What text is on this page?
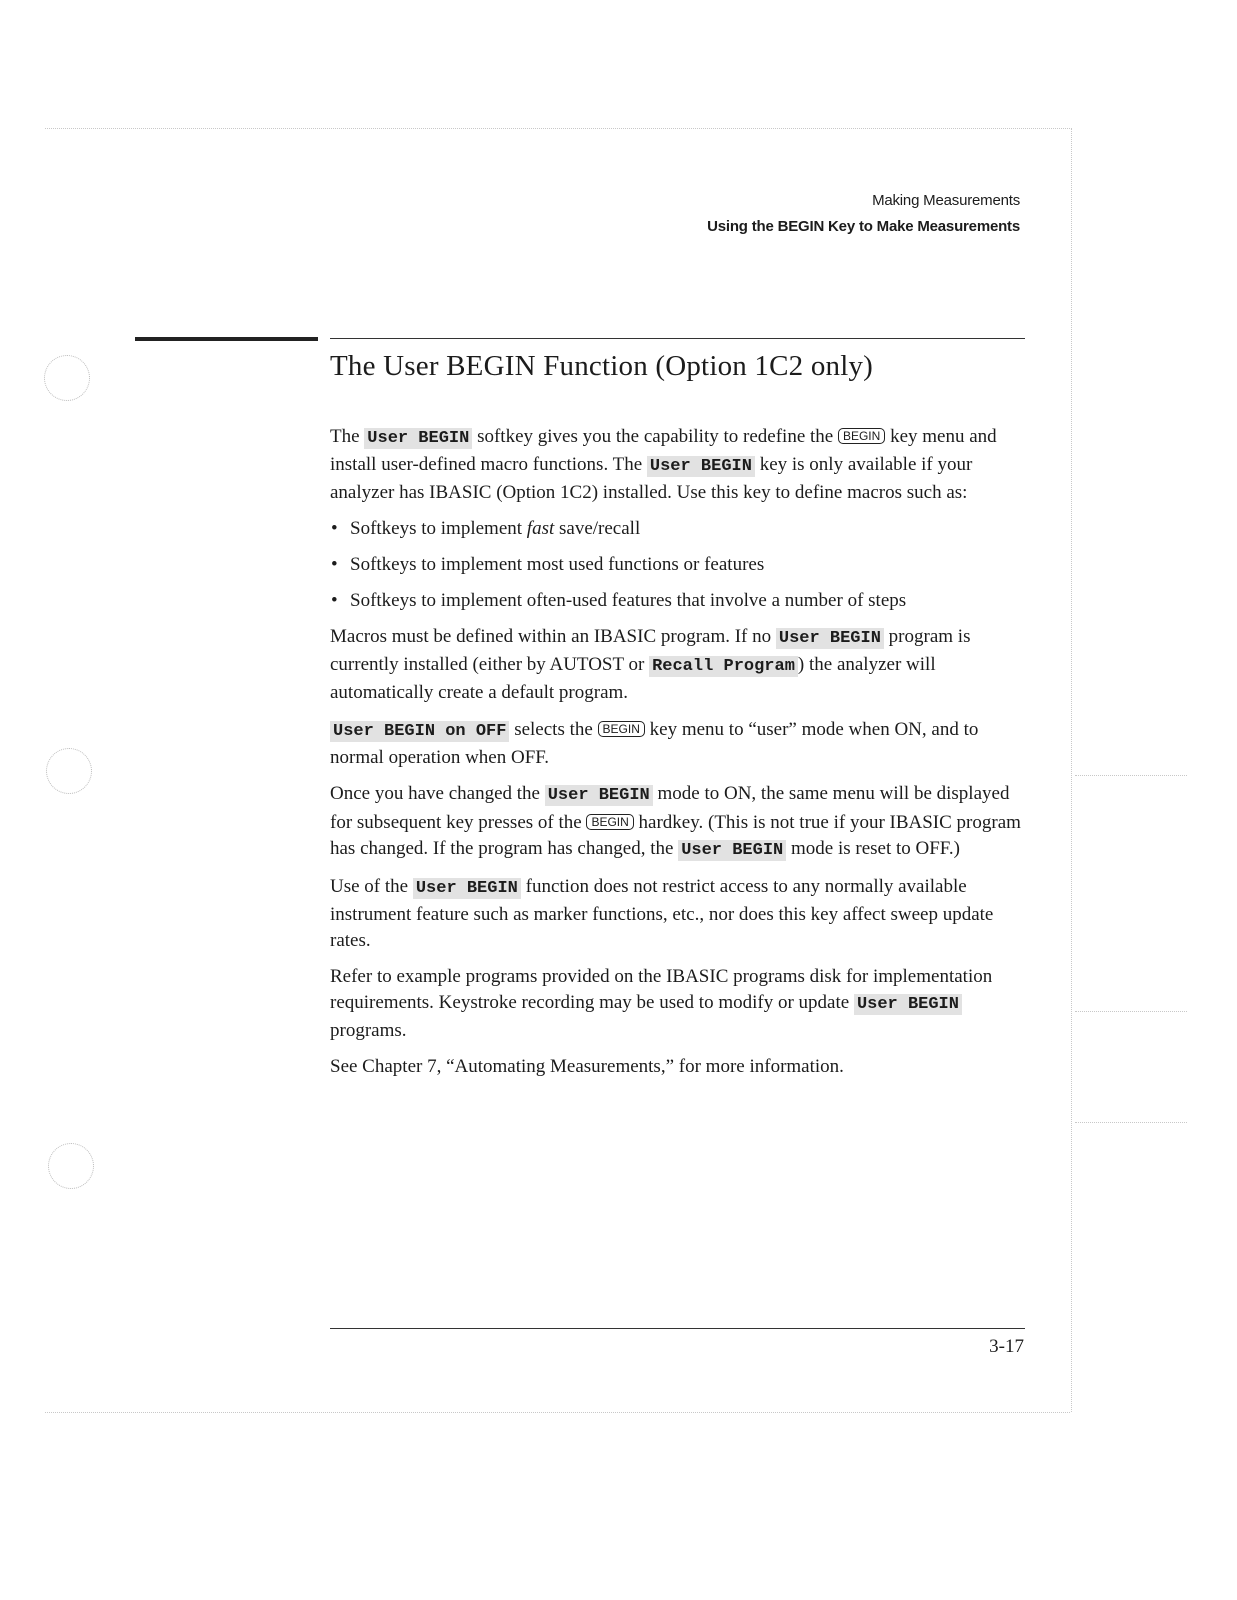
Making Measurements
Using the BEGIN Key to Make Measurements
The User BEGIN Function (Option 1C2 only)

The User BEGIN softkey gives you the capability to redefine the BEGIN key menu and install user-defined macro functions. The User BEGIN key is only available if your analyzer has IBASIC (Option 1C2) installed. Use this key to define macros such as:

• Softkeys to implement fast save/recall
• Softkeys to implement most used functions or features
• Softkeys to implement often-used features that involve a number of steps

Macros must be defined within an IBASIC program. If no User BEGIN program is currently installed (either by AUTOST or Recall Program ) the analyzer will automatically create a default program.

User BEGIN on OFF selects the BEGIN key menu to “user” mode when ON, and to normal operation when OFF.

Once you have changed the User BEGIN mode to ON, the same menu will be displayed for subsequent key presses of the BEGIN hardkey. (This is not true if your IBASIC program has changed. If the program has changed, the User BEGIN mode is reset to OFF.)

Use of the User BEGIN function does not restrict access to any normally available instrument feature such as marker functions, etc., nor does this key affect sweep update rates.

Refer to example programs provided on the IBASIC programs disk for implementation requirements. Keystroke recording may be used to modify or update User BEGIN programs.

See Chapter 7, “Automating Measurements,” for more information.

3-17
